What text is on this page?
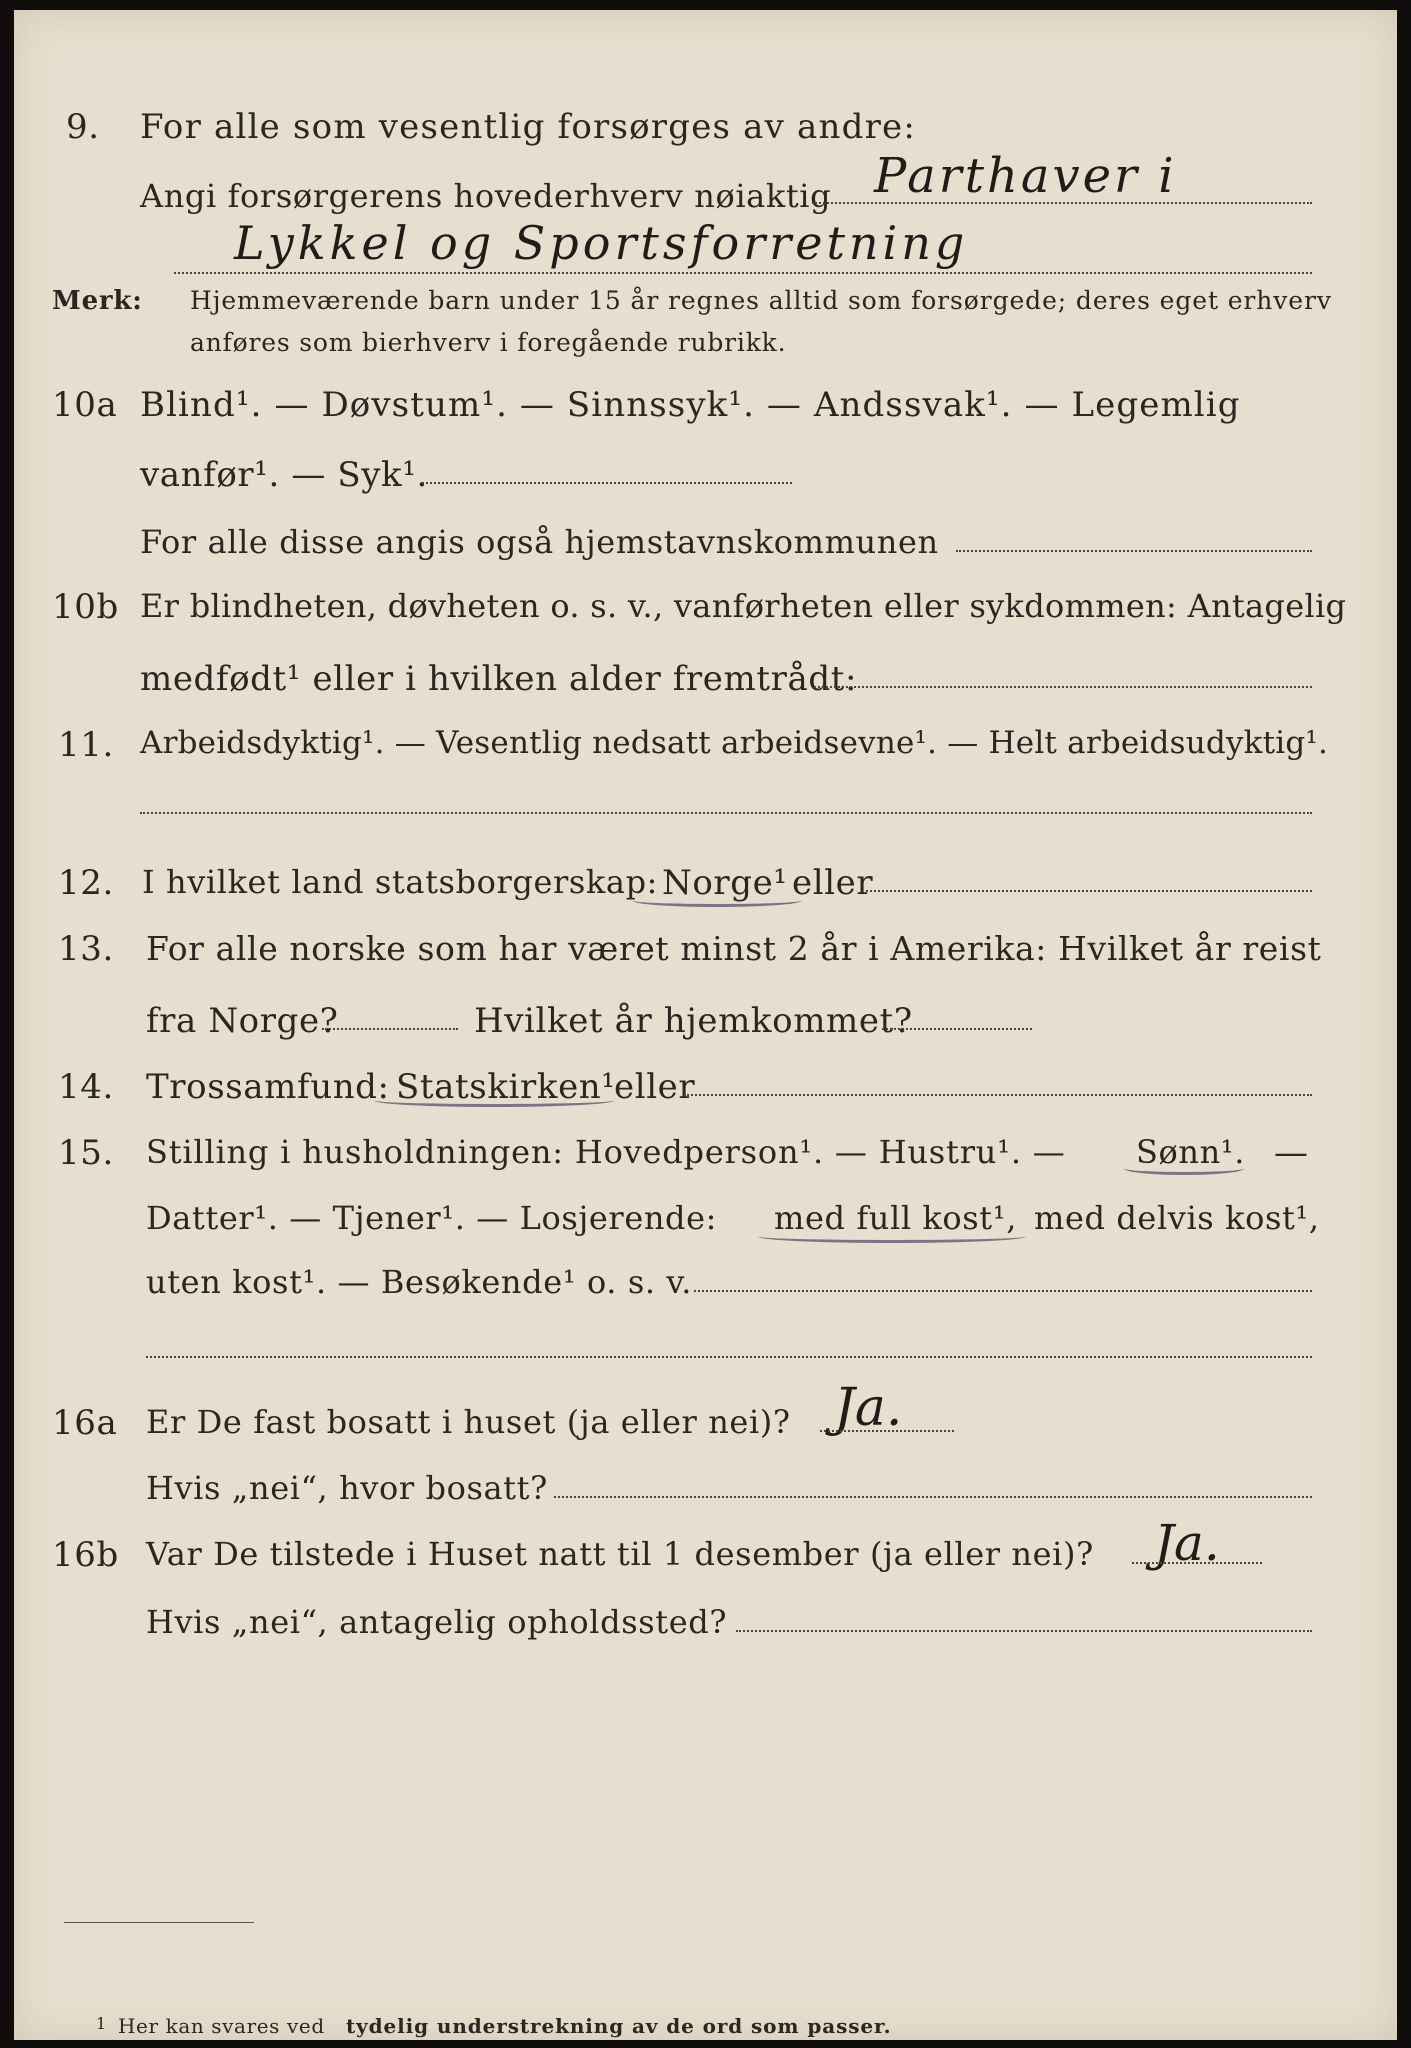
9. For alle som vesentlig forsørges av andre:
Angi forsørgerens hovederhverv nøiaktig Parthaver i
Lykkel og Sportsforretning
Merk: Hjemmeværende barn under 15 år regnes alltid som forsørgede; deres eget erhverv
anføres som bierhverv i foregående rubrikk.
10a Blind¹. — Døvstum¹. — Sinnssyk¹. — Andssvak¹. — Legemlig
vanfør¹. — Syk¹.
For alle disse angis også hjemstavnskommunen
10b Er blindheten, døvheten o. s. v., vanførheten eller sykdommen: Antagelig
medfødt¹ eller i hvilken alder fremtrådt:
11. Arbeidsdyktig¹. — Vesentlig nedsatt arbeidsevne¹. — Helt arbeidsudyktig¹.
12. I hvilket land statsborgerskap: Norge¹ eller
13. For alle norske som har været minst 2 år i Amerika: Hvilket år reist
fra Norge?	Hvilket år hjemkommet?
14. Trossamfund: Statskirken¹
eller
15. Stilling i husholdningen: Hovedperson¹. — Hustru¹. — Sønn¹. —
Datter¹. — Tjener¹. — Losjerende: med full kost¹, med delvis kost¹,
uten kost¹. — Besøkende¹ o. s. v.
16a Er De fast bosatt i huset (ja eller nei)? Ja.
Hvis „nei“, hvor bosatt?
16b Var De tilstede i Huset natt til 1 desember (ja eller nei)? Ja.
Hvis „nei“, antagelig opholdssted?
1 Her kan svares ved tydelig understrekning av de ord som passer.
